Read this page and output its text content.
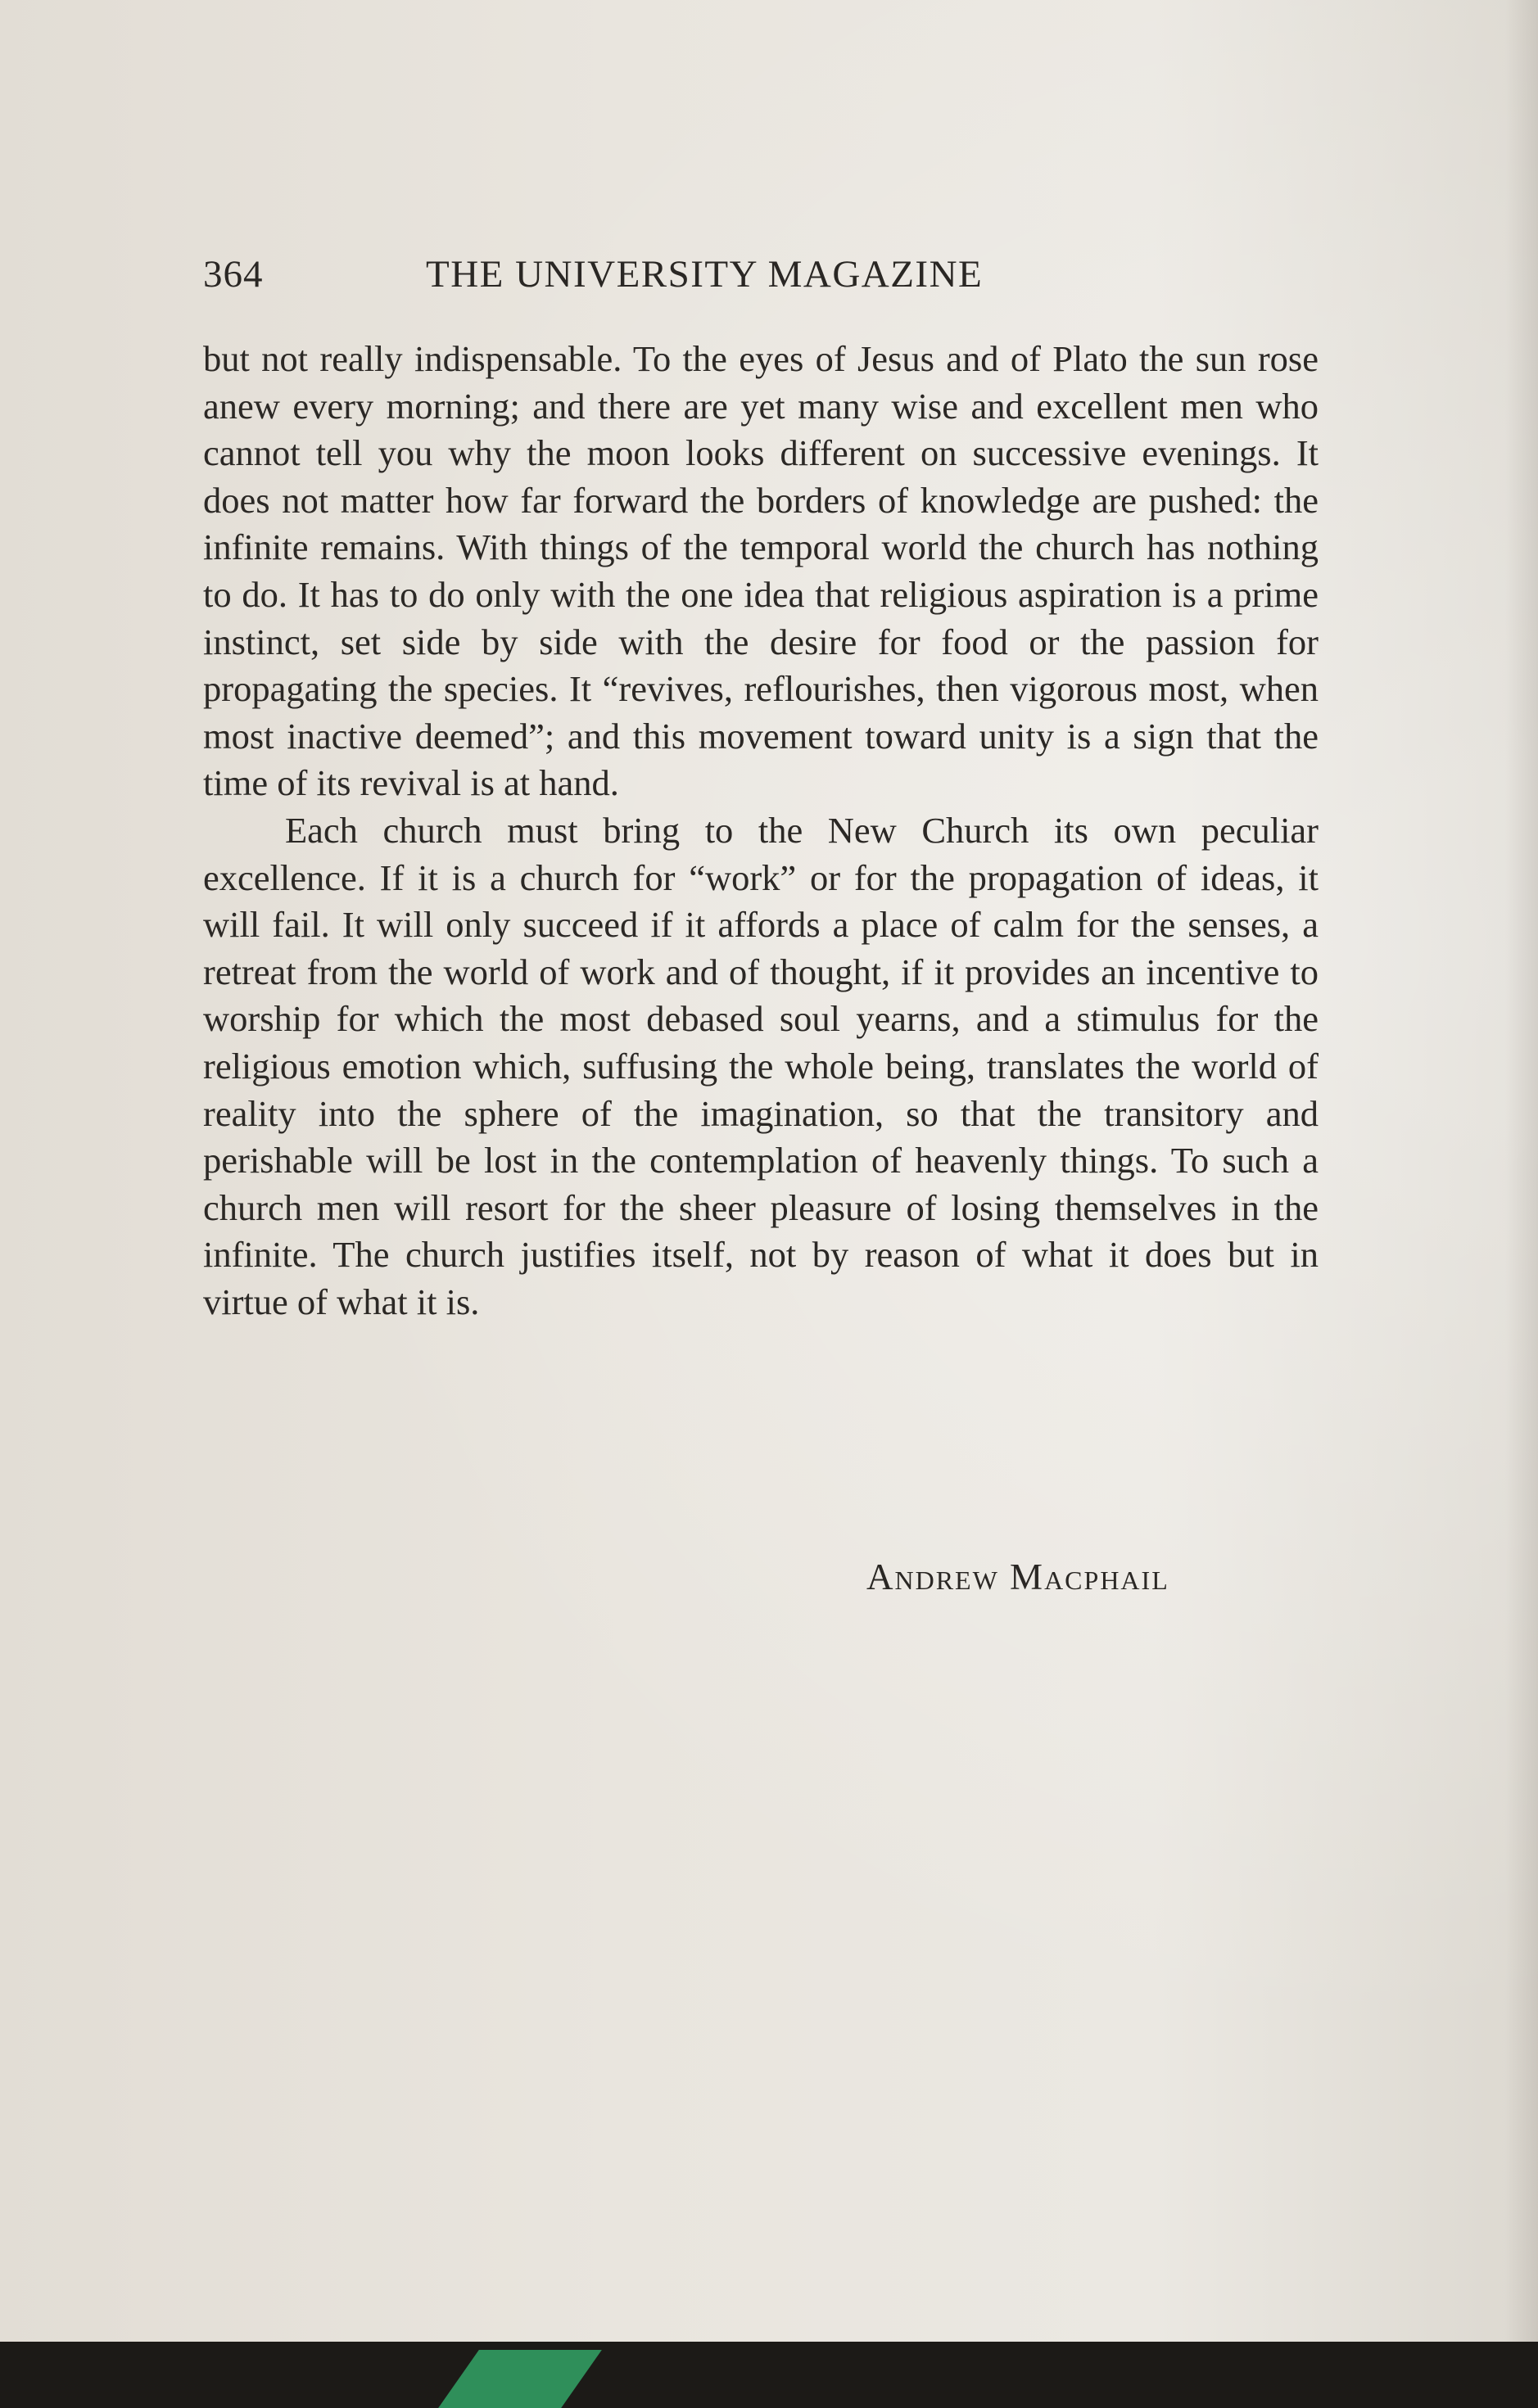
364	THE UNIVERSITY MAGAZINE

but not really indispensable. To the eyes of Jesus and of Plato the sun rose anew every morning; and there are yet many wise and excellent men who cannot tell you why the moon looks different on successive evenings. It does not matter how far forward the borders of knowledge are pushed: the infinite remains. With things of the temporal world the church has nothing to do. It has to do only with the one idea that religious aspiration is a prime instinct, set side by side with the desire for food or the passion for propagating the species. It “revives, reflourishes, then vigorous most, when most inactive deemed”; and this movement toward unity is a sign that the time of its revival is at hand.

Each church must bring to the New Church its own peculiar excellence. If it is a church for “work” or for the propagation of ideas, it will fail. It will only succeed if it affords a place of calm for the senses, a retreat from the world of work and of thought, if it provides an incentive to worship for which the most debased soul yearns, and a stimulus for the religious emotion which, suffusing the whole being, translates the world of reality into the sphere of the imagination, so that the transitory and perishable will be lost in the contemplation of heavenly things. To such a church men will resort for the sheer pleasure of losing themselves in the infinite. The church justifies itself, not by reason of what it does but in virtue of what it is.

Andrew Macphail
